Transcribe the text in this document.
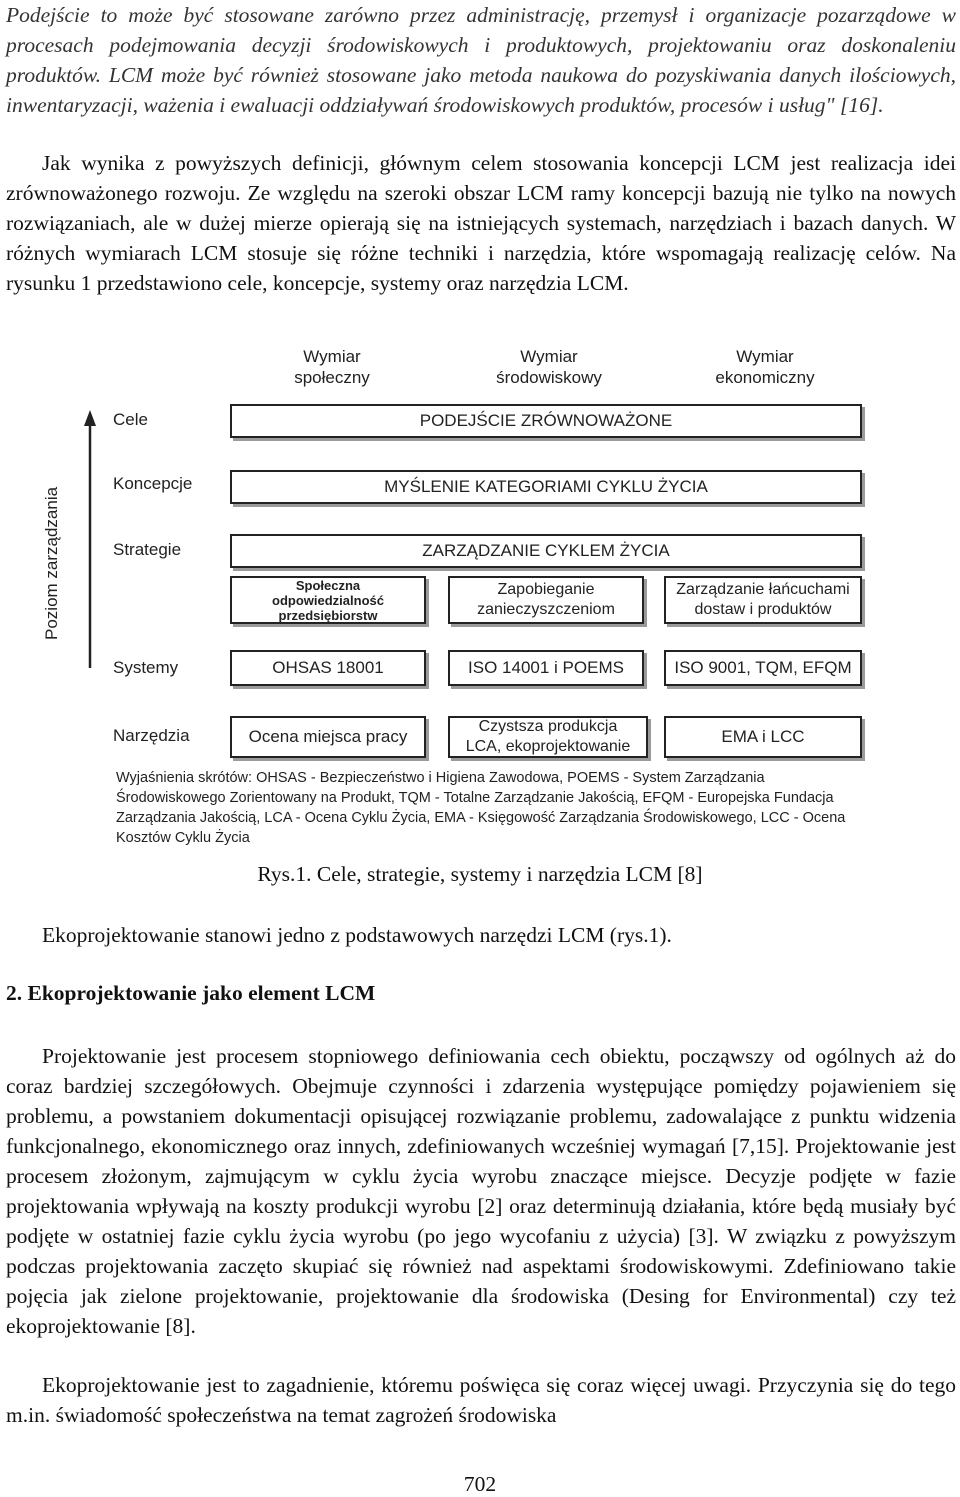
Podejście to może być stosowane zarówno przez administrację, przemysł i organizacje pozarządowe w procesach podejmowania decyzji środowiskowych i produktowych, projektowaniu oraz doskonaleniu produktów. LCM może być również stosowane jako metoda naukowa do pozyskiwania danych ilościowych, inwentaryzacji, ważenia i ewaluacji oddziaływań środowiskowych produktów, procesów i usług" [16].

Jak wynika z powyższych definicji, głównym celem stosowania koncepcji LCM jest realizacja idei zrównoważonego rozwoju. Ze względu na szeroki obszar LCM ramy koncepcji bazują nie tylko na nowych rozwiązaniach, ale w dużej mierze opierają się na istniejących systemach, narzędziach i bazach danych. W różnych wymiarach LCM stosuje się różne techniki i narzędzia, które wspomagają realizację celów. Na rysunku 1 przedstawiono cele, koncepcje, systemy oraz narzędzia LCM.

Wymiar
społeczny
Wymiar
środowiskowy
Wymiar
ekonomiczny
Poziom zarządzania
Cele
Koncepcje
Strategie
Systemy
Narzędzia
PODEJŚCIE ZRÓWNOWAŻONE
MYŚLENIE KATEGORIAMI CYKLU ŻYCIA
ZARZĄDZANIE CYKLEM ŻYCIA
Społeczna
odpowiedzialność
przedsiębiorstw
Zapobieganie
zanieczyszczeniom
Zarządzanie łańcuchami
dostaw i produktów
OHSAS 18001	ISO 14001 i POEMS	ISO 9001, TQM, EFQM
Ocena miejsca pracy
Czystsza produkcja
LCA, ekoprojektowanie
EMA i LCC
Wyjaśnienia skrótów: OHSAS - Bezpieczeństwo i Higiena Zawodowa, POEMS - System Zarządzania Środowiskowego Zorientowany na Produkt, TQM - Totalne Zarządzanie Jakością, EFQM - Europejska Fundacja Zarządzania Jakością, LCA - Ocena Cyklu Życia, EMA - Księgowość Zarządzania Środowiskowego, LCC - Ocena Kosztów Cyklu Życia
Rys.1. Cele, strategie, systemy i narzędzia LCM [8]

Ekoprojektowanie stanowi jedno z podstawowych narzędzi LCM (rys.1).

2. Ekoprojektowanie jako element LCM

Projektowanie jest procesem stopniowego definiowania cech obiektu, począwszy od ogólnych aż do coraz bardziej szczegółowych. Obejmuje czynności i zdarzenia występujące pomiędzy pojawieniem się problemu, a powstaniem dokumentacji opisującej rozwiązanie problemu, zadowalające z punktu widzenia funkcjonalnego, ekonomicznego oraz innych, zdefiniowanych wcześniej wymagań [7,15]. Projektowanie jest procesem złożonym, zajmującym w cyklu życia wyrobu znaczące miejsce. Decyzje podjęte w fazie projektowania wpływają na koszty produkcji wyrobu [2] oraz determinują działania, które będą musiały być podjęte w ostatniej fazie cyklu życia wyrobu (po jego wycofaniu z użycia) [3]. W związku z powyższym podczas projektowania zaczęto skupiać się również nad aspektami środowiskowymi. Zdefiniowano takie pojęcia jak zielone projektowanie, projektowanie dla środowiska (Desing for Environmental) czy też ekoprojektowanie [8].

Ekoprojektowanie jest to zagadnienie, któremu poświęca się coraz więcej uwagi. Przyczynia się do tego m.in. świadomość społeczeństwa na temat zagrożeń środowiska

702
